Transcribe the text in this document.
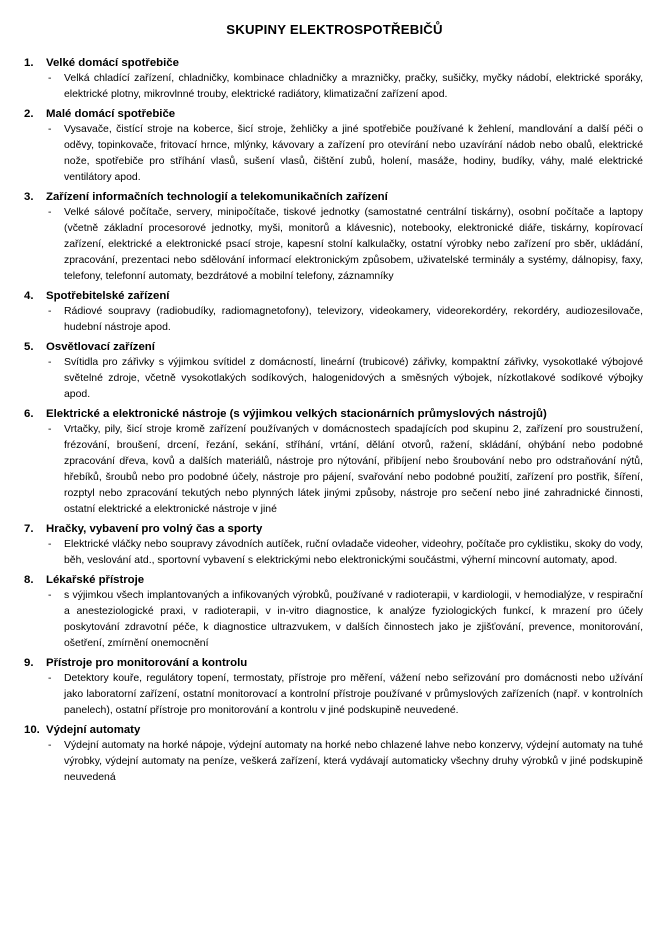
SKUPINY ELEKTROSPOTŘEBIČŮ
1.	Velké domácí spotřebiče
-	Velká chladící zařízení, chladničky, kombinace chladničky a mrazničky, pračky, sušičky, myčky nádobí, elektrické sporáky, elektrické plotny, mikrovlnné trouby, elektrické radiátory, klimatizační zařízení apod.
2.	Malé domácí spotřebiče
-	Vysavače, čistící stroje na koberce, šicí stroje, žehličky a jiné spotřebiče používané k žehlení, mandlování a další péči o oděvy, topinkovače, fritovací hrnce, mlýnky, kávovary a zařízení pro otevírání nebo uzavírání nádob nebo obalů, elektrické nože, spotřebiče pro stříhání vlasů, sušení vlasů, čištění zubů, holení, masáže, hodiny, budíky, váhy, malé elektrické ventilátory apod.
3.	Zařízení informačních technologií a telekomunikačních zařízení
-	Velké sálové počítače, servery, minipočítače, tiskové jednotky (samostatné centrální tiskárny), osobní počítače a laptopy (včetně základní procesorové jednotky, myši, monitorů a klávesnic), notebooky, elektronické diáře, tiskárny, kopírovací zařízení, elektrické a elektronické psací stroje, kapesní stolní kalkulačky, ostatní výrobky nebo zařízení pro sběr, ukládání, zpracování, prezentaci nebo sdělování informací elektronickým způsobem, uživatelské terminály a systémy, dálnopisy, faxy, telefony, telefonní automaty, bezdrátové a mobilní telefony, záznamníky
4.	Spotřebitelské zařízení
-	Rádiové soupravy (radiobudíky, radiomagnetofony), televizory, videokamery, videorekordéry, rekordéry, audiozesilovače, hudební nástroje apod.
5.	Osvětlovací zařízení
-	Svítidla pro zářivky s výjimkou svítidel z domácností, lineární (trubicové) zářivky, kompaktní zářivky, vysokotlaké výbojové světelné zdroje, včetně vysokotlakých sodíkových, halogenidových a směsných výbojek, nízkotlakové sodíkové výbojky apod.
6.	Elektrické a elektronické nástroje (s výjimkou velkých stacionárních průmyslových nástrojů)
-	Vrtačky, pily, šicí stroje kromě zařízení používaných v domácnostech spadajících pod skupinu 2, zařízení pro soustružení, frézování, broušení, drcení, řezání, sekání, stříhání, vrtání, dělání otvorů, ražení, skládání, ohýbání nebo podobné zpracování dřeva, kovů a dalších materiálů, nástroje pro nýtování, přibíjení nebo šroubování nebo pro odstraňování nýtů, hřebíků, šroubů nebo pro podobné účely, nástroje pro pájení, svařování nebo podobné použití, zařízení pro postřik, šíření, rozptyl nebo zpracování tekutých nebo plynných látek jinými způsoby, nástroje pro sečení nebo jiné zahradnické činnosti, ostatní elektrické a elektronické nástroje v jiné
7.	Hračky, vybavení pro volný čas a sporty
-	Elektrické vláčky nebo soupravy závodních autíček, ruční ovladače videoher, videohry, počítače pro cyklistiku, skoky do vody, běh, veslování atd., sportovní vybavení s elektrickými nebo elektronickými součástmi, výherní mincovní automaty, apod.
8.	Lékařské přístroje
-	s výjimkou všech implantovaných a infikovaných výrobků, používané v radioterapii, v kardiologii, v hemodialýze, v respirační a anesteziologické praxi, v radioterapii, v in-vitro diagnostice, k analýze fyziologických funkcí, k mrazení pro účely poskytování zdravotní péče, k diagnostice ultrazvukem, v dalších činnostech jako je zjišťování, prevence, monitorování, ošetření, zmírnění onemocnění
9.	Přístroje pro monitorování a kontrolu
-	Detektory kouře, regulátory topení, termostaty, přístroje pro měření, vážení nebo seřizování pro domácnosti nebo užívání jako laboratorní zařízení, ostatní monitorovací a kontrolní přístroje používané v průmyslových zařízeních (např. v kontrolních panelech), ostatní přístroje pro monitorování a kontrolu v jiné podskupině neuvedené.
10. Výdejní automaty
-	Výdejní automaty na horké nápoje, výdejní automaty na horké nebo chlazené lahve nebo konzervy, výdejní automaty na tuhé výrobky, výdejní automaty na peníze, veškerá zařízení, která vydávají automaticky všechny druhy výrobků v jiné podskupině neuvedená
